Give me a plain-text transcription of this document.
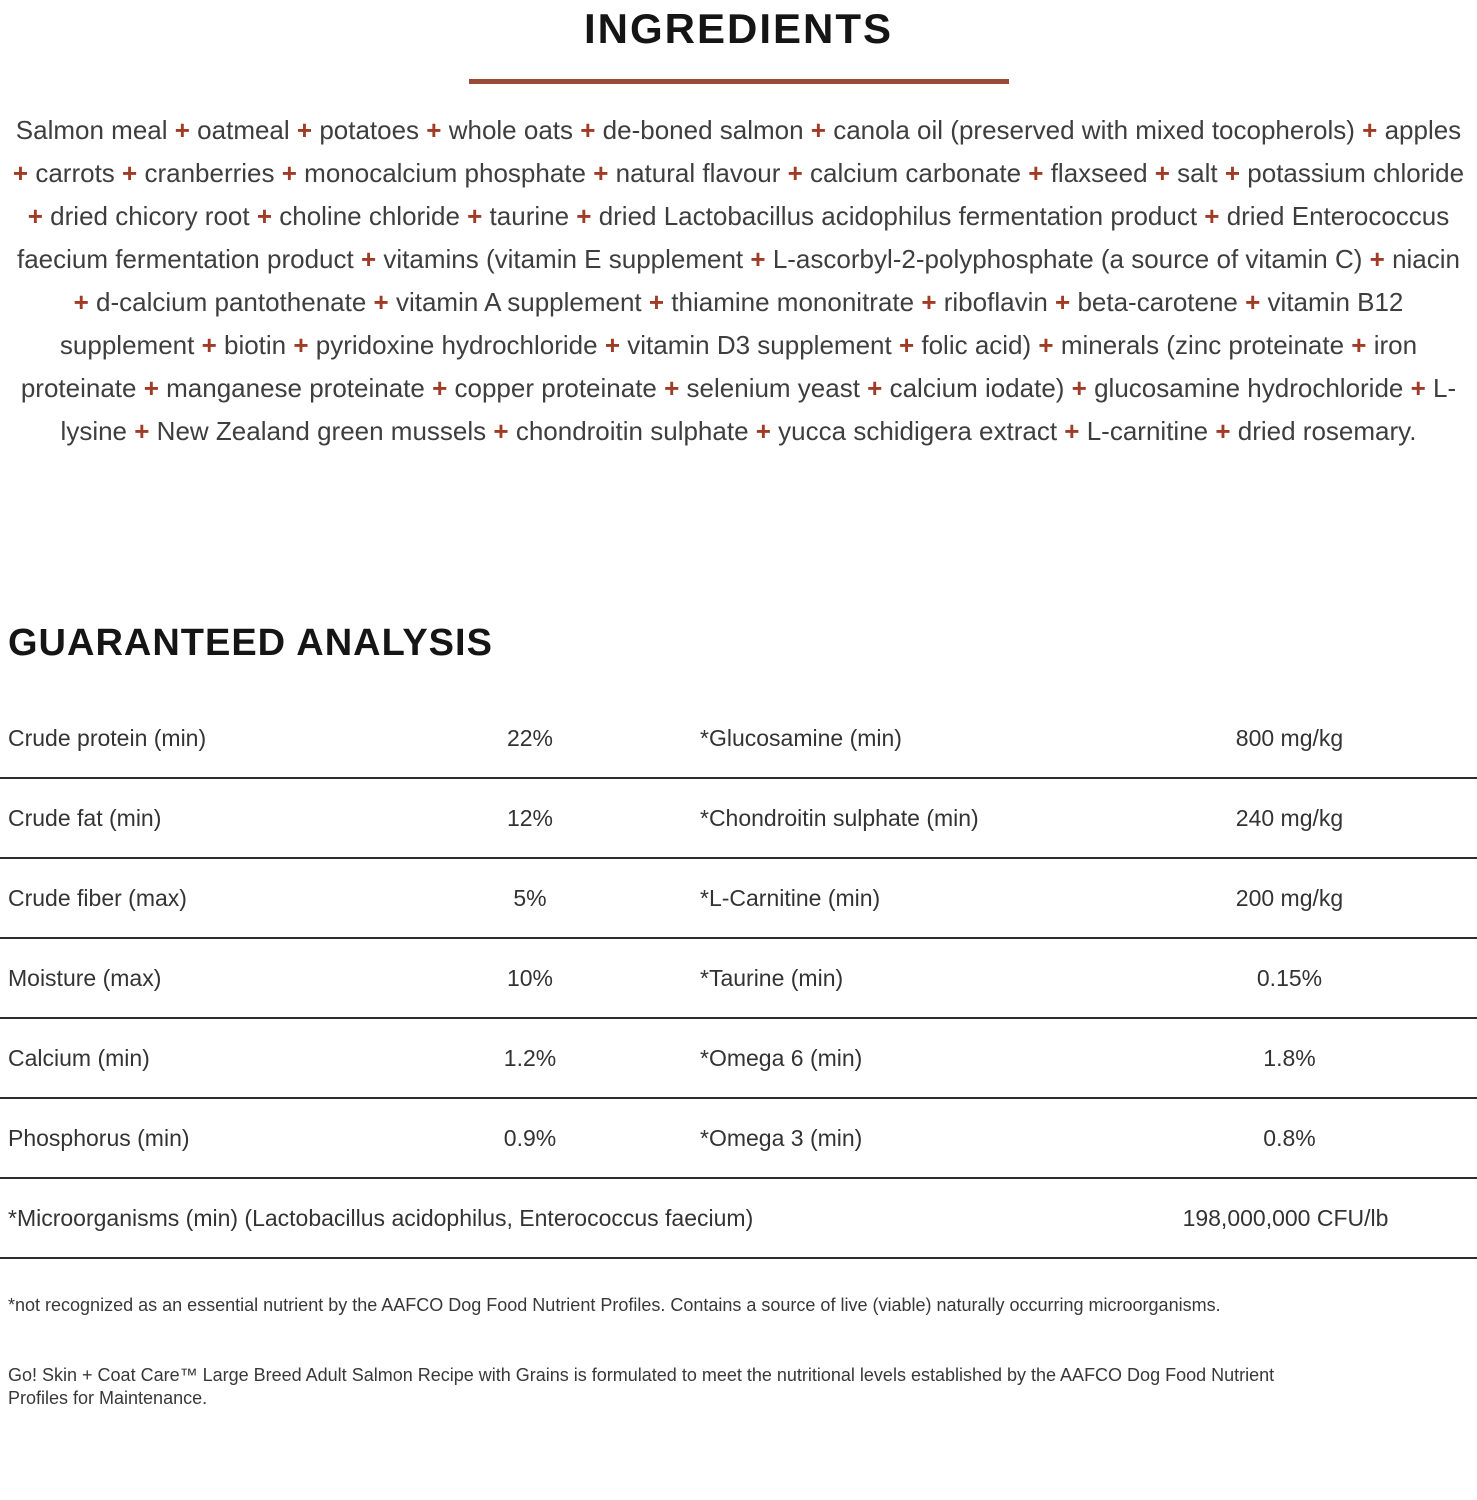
INGREDIENTS

Salmon meal + oatmeal + potatoes + whole oats + de-boned salmon + canola oil (preserved with mixed tocopherols) + apples + carrots + cranberries + monocalcium phosphate + natural flavour + calcium carbonate + flaxseed + salt + potassium chloride + dried chicory root + choline chloride + taurine + dried Lactobacillus acidophilus fermentation product + dried Enterococcus faecium fermentation product + vitamins (vitamin E supplement + L-ascorbyl-2-polyphosphate (a source of vitamin C) + niacin + d-calcium pantothenate + vitamin A supplement + thiamine mononitrate + riboflavin + beta-carotene + vitamin B12 supplement + biotin + pyridoxine hydrochloride + vitamin D3 supplement + folic acid) + minerals (zinc proteinate + iron proteinate + manganese proteinate + copper proteinate + selenium yeast + calcium iodate) + glucosamine hydrochloride + L-lysine + New Zealand green mussels + chondroitin sulphate + yucca schidigera extract + L-carnitine + dried rosemary.

GUARANTEED ANALYSIS
Crude protein (min)	22%	*Glucosamine (min)	800 mg/kg
Crude fat (min)	12%	*Chondroitin sulphate (min)	240 mg/kg
Crude fiber (max)	5%	*L-Carnitine (min)	200 mg/kg
Moisture (max)	10%	*Taurine (min)	0.15%
Calcium (min)	1.2%	*Omega 6 (min)	1.8%
Phosphorus (min)	0.9%	*Omega 3 (min)	0.8%
*Microorganisms (min) (Lactobacillus acidophilus, Enterococcus faecium)	198,000,000 CFU/lb

*not recognized as an essential nutrient by the AAFCO Dog Food Nutrient Profiles. Contains a source of live (viable) naturally occurring microorganisms.

Go! Skin + Coat Care™ Large Breed Adult Salmon Recipe with Grains is formulated to meet the nutritional levels established by the AAFCO Dog Food Nutrient Profiles for Maintenance.
